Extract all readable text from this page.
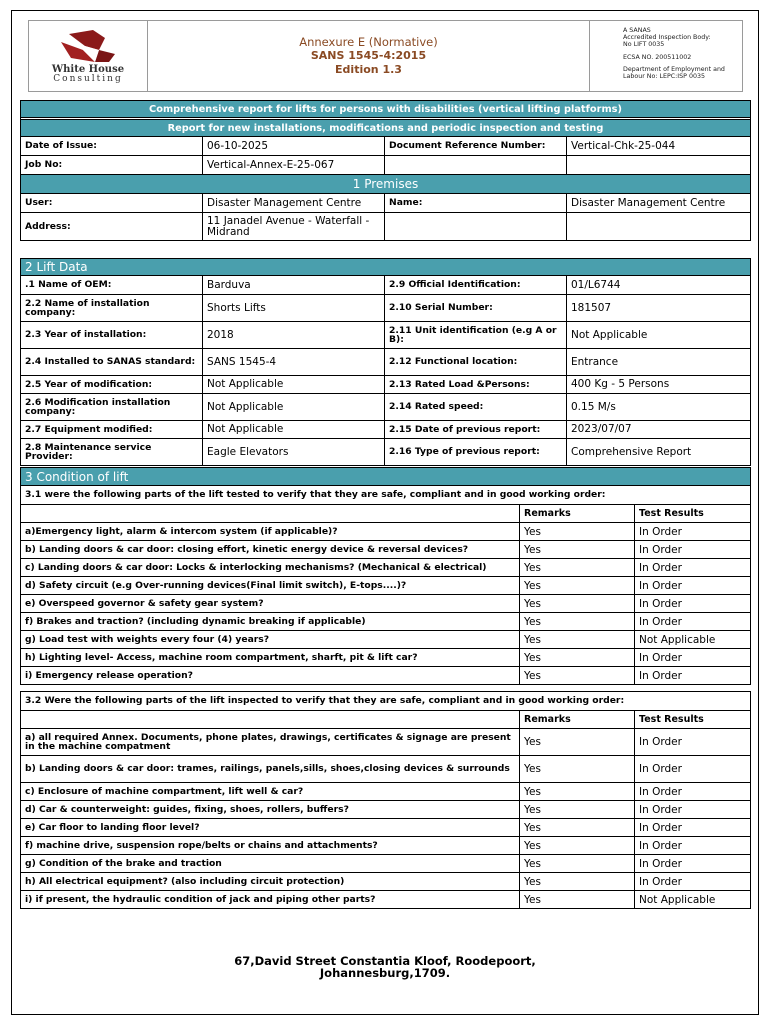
White House
Consulting
Annexure E (Normative)
SANS 1545-4:2015
Edition 1.3
A SANAS
Accredited Inspection Body:
No LIFT 0035
ECSA NO. 200511002
Department of Employment and
Labour No: LEPC:ISP 0035
Comprehensive report for lifts for persons with disabilities (vertical lifting platforms)			

Report for new installations, modifications and periodic inspection and testing			
Date of Issue:	06-10-2025	Document Reference Number:	Vertical-Chk-25-044
Job No:	Vertical-Annex-E-25-067		
1 Premises			
User:	Disaster Management Centre	Name:	Disaster Management Centre
Address:	11 Janadel Avenue - Waterfall - Midrand		
2 Lift Data			
.1 Name of OEM:	Barduva	2.9 Official Identification:	01/L6744
2.2 Name of installation company:	Shorts Lifts	2.10 Serial Number:	181507
2.3 Year of installation:	2018	2.11 Unit identification (e.g A or B):	Not Applicable
2.4 Installed to SANAS standard:	SANS 1545-4	2.12 Functional location:	Entrance
2.5 Year of modification:	Not Applicable	2.13 Rated Load &Persons:	400 Kg - 5 Persons
2.6 Modification installation company:	Not Applicable	2.14 Rated speed:	0.15 M/s
2.7 Equipment modified:	Not Applicable	2.15 Date of previous report:	2023/07/07
2.8 Maintenance service Provider:	Eagle Elevators	2.16 Type of previous report:	Comprehensive Report
3 Condition of lift		
3.1 were the following parts of the lift tested to verify that they are safe, compliant and in good working order:		
	Remarks	Test Results
a)Emergency light, alarm & intercom system (if applicable)?	Yes	In Order
b) Landing doors & car door: closing effort, kinetic energy device & reversal devices?	Yes	In Order
c) Landing doors & car door: Locks & interlocking mechanisms? (Mechanical & electrical)	Yes	In Order
d) Safety circuit (e.g Over-running devices(Final limit switch), E-tops....)?	Yes	In Order
e) Overspeed governor & safety gear system?	Yes	In Order
f) Brakes and traction? (including dynamic breaking if applicable)	Yes	In Order
g) Load test with weights every four (4) years?	Yes	Not Applicable
h) Lighting level- Access, machine room compartment, sharft, pit & lift car?	Yes	In Order
i) Emergency release operation?	Yes	In Order
3.2 Were the following parts of the lift inspected to verify that they are safe, compliant and in good working order:		
	Remarks	Test Results
a) all required Annex. Documents, phone plates, drawings, certificates & signage are present in the machine compatment	Yes	In Order
b) Landing doors & car door: trames, railings, panels,sills, shoes,closing devices & surrounds	Yes	In Order
c) Enclosure of machine compartment, lift well & car?	Yes	In Order
d) Car & counterweight: guides, fixing, shoes, rollers, buffers?	Yes	In Order
e) Car floor to landing floor level?	Yes	In Order
f) machine drive, suspension rope/belts or chains and attachments?	Yes	In Order
g) Condition of the brake and traction	Yes	In Order
h) All electrical equipment? (also including circuit protection)	Yes	In Order
i) if present, the hydraulic condition of jack and piping other parts?	Yes	Not Applicable
67,David Street Constantia Kloof, Roodepoort,
Johannesburg,1709.
